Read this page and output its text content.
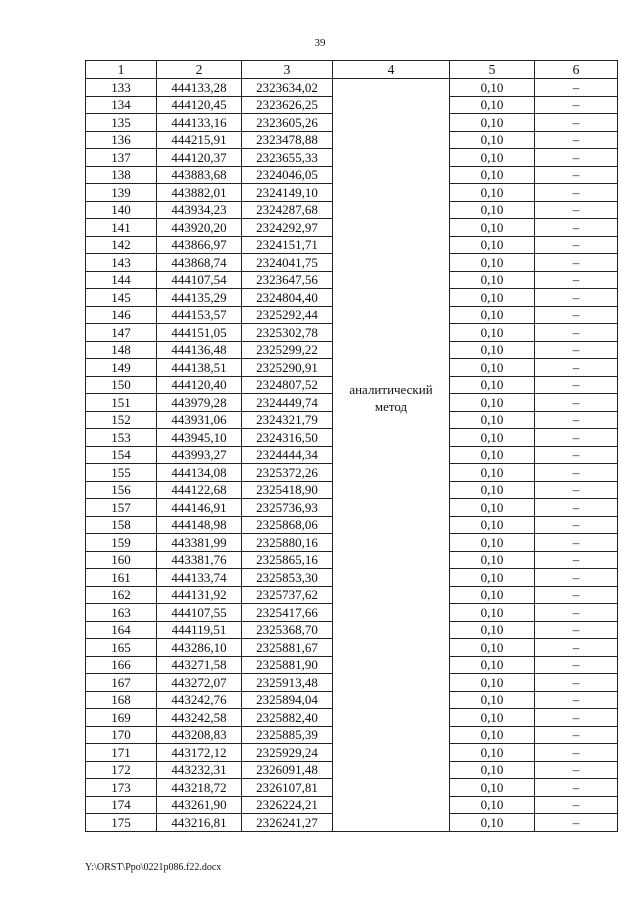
39
1	2	3	4	5	6
133	444133,28	2323634,02	аналитический метод	0,10	–
134	444120,45	2323626,25		0,10	–
135	444133,16	2323605,26		0,10	–
136	444215,91	2323478,88		0,10	–
137	444120,37	2323655,33		0,10	–
138	443883,68	2324046,05		0,10	–
139	443882,01	2324149,10		0,10	–
140	443934,23	2324287,68		0,10	–
141	443920,20	2324292,97		0,10	–
142	443866,97	2324151,71		0,10	–
143	443868,74	2324041,75		0,10	–
144	444107,54	2323647,56		0,10	–
145	444135,29	2324804,40		0,10	–
146	444153,57	2325292,44		0,10	–
147	444151,05	2325302,78		0,10	–
148	444136,48	2325299,22		0,10	–
149	444138,51	2325290,91		0,10	–
150	444120,40	2324807,52		0,10	–
151	443979,28	2324449,74		0,10	–
152	443931,06	2324321,79		0,10	–
153	443945,10	2324316,50		0,10	–
154	443993,27	2324444,34		0,10	–
155	444134,08	2325372,26		0,10	–
156	444122,68	2325418,90		0,10	–
157	444146,91	2325736,93		0,10	–
158	444148,98	2325868,06		0,10	–
159	443381,99	2325880,16		0,10	–
160	443381,76	2325865,16		0,10	–
161	444133,74	2325853,30		0,10	–
162	444131,92	2325737,62		0,10	–
163	444107,55	2325417,66		0,10	–
164	444119,51	2325368,70		0,10	–
165	443286,10	2325881,67		0,10	–
166	443271,58	2325881,90		0,10	–
167	443272,07	2325913,48		0,10	–
168	443242,76	2325894,04		0,10	–
169	443242,58	2325882,40		0,10	–
170	443208,83	2325885,39		0,10	–
171	443172,12	2325929,24		0,10	–
172	443232,31	2326091,48		0,10	–
173	443218,72	2326107,81		0,10	–
174	443261,90	2326224,21		0,10	–
175	443216,81	2326241,27		0,10	–
Y:\ORST\Ppo\0221p086.f22.docx
